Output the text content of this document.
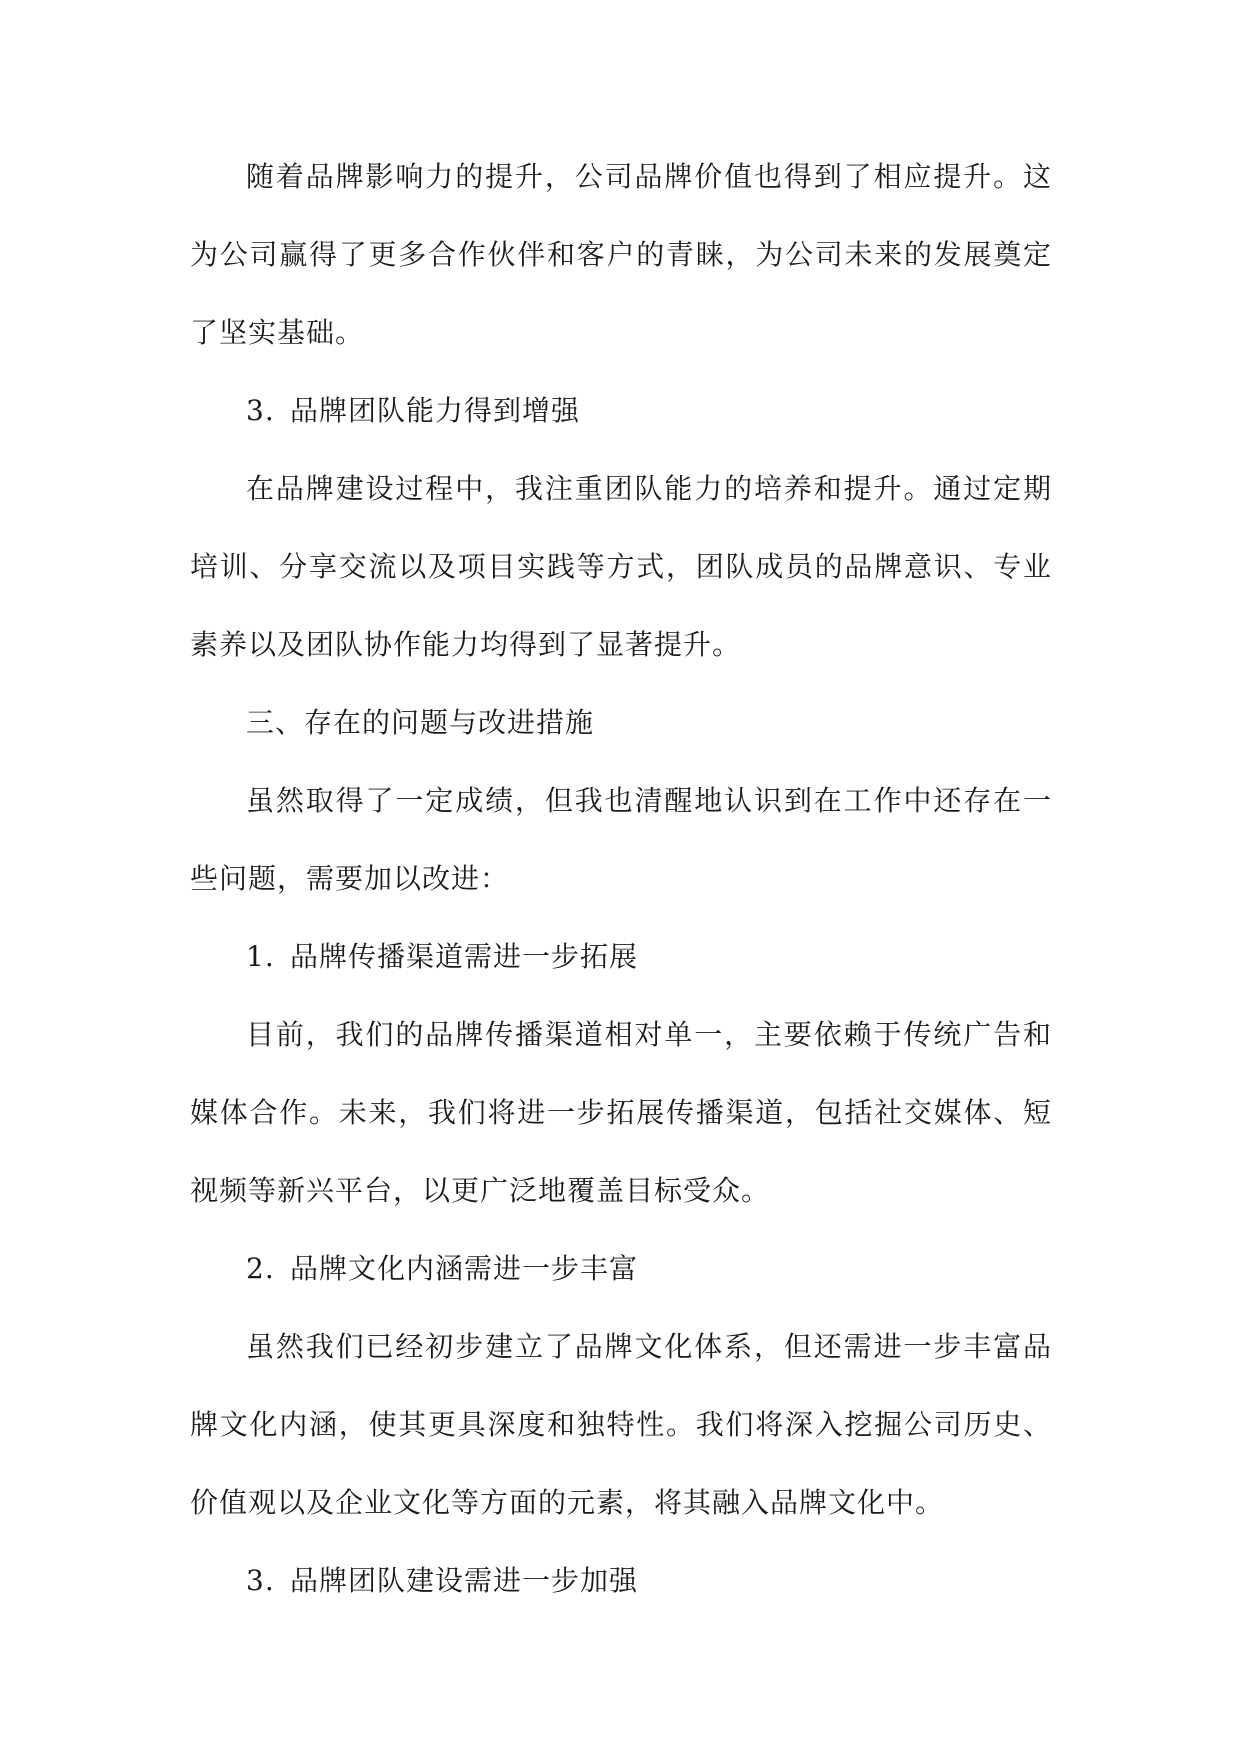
随着品牌影响力的提升，公司品牌价值也得到了相应提升。这为公司赢得了更多合作伙伴和客户的青睐，为公司未来的发展奠定了坚实基础。

3. 品牌团队能力得到增强

在品牌建设过程中，我注重团队能力的培养和提升。通过定期培训、分享交流以及项目实践等方式，团队成员的品牌意识、专业素养以及团队协作能力均得到了显著提升。

三、存在的问题与改进措施

虽然取得了一定成绩，但我也清醒地认识到在工作中还存在一些问题，需要加以改进：

1. 品牌传播渠道需进一步拓展

目前，我们的品牌传播渠道相对单一，主要依赖于传统广告和媒体合作。未来，我们将进一步拓展传播渠道，包括社交媒体、短视频等新兴平台，以更广泛地覆盖目标受众。

2. 品牌文化内涵需进一步丰富

虽然我们已经初步建立了品牌文化体系，但还需进一步丰富品牌文化内涵，使其更具深度和独特性。我们将深入挖掘公司历史、价值观以及企业文化等方面的元素，将其融入品牌文化中。

3. 品牌团队建设需进一步加强
